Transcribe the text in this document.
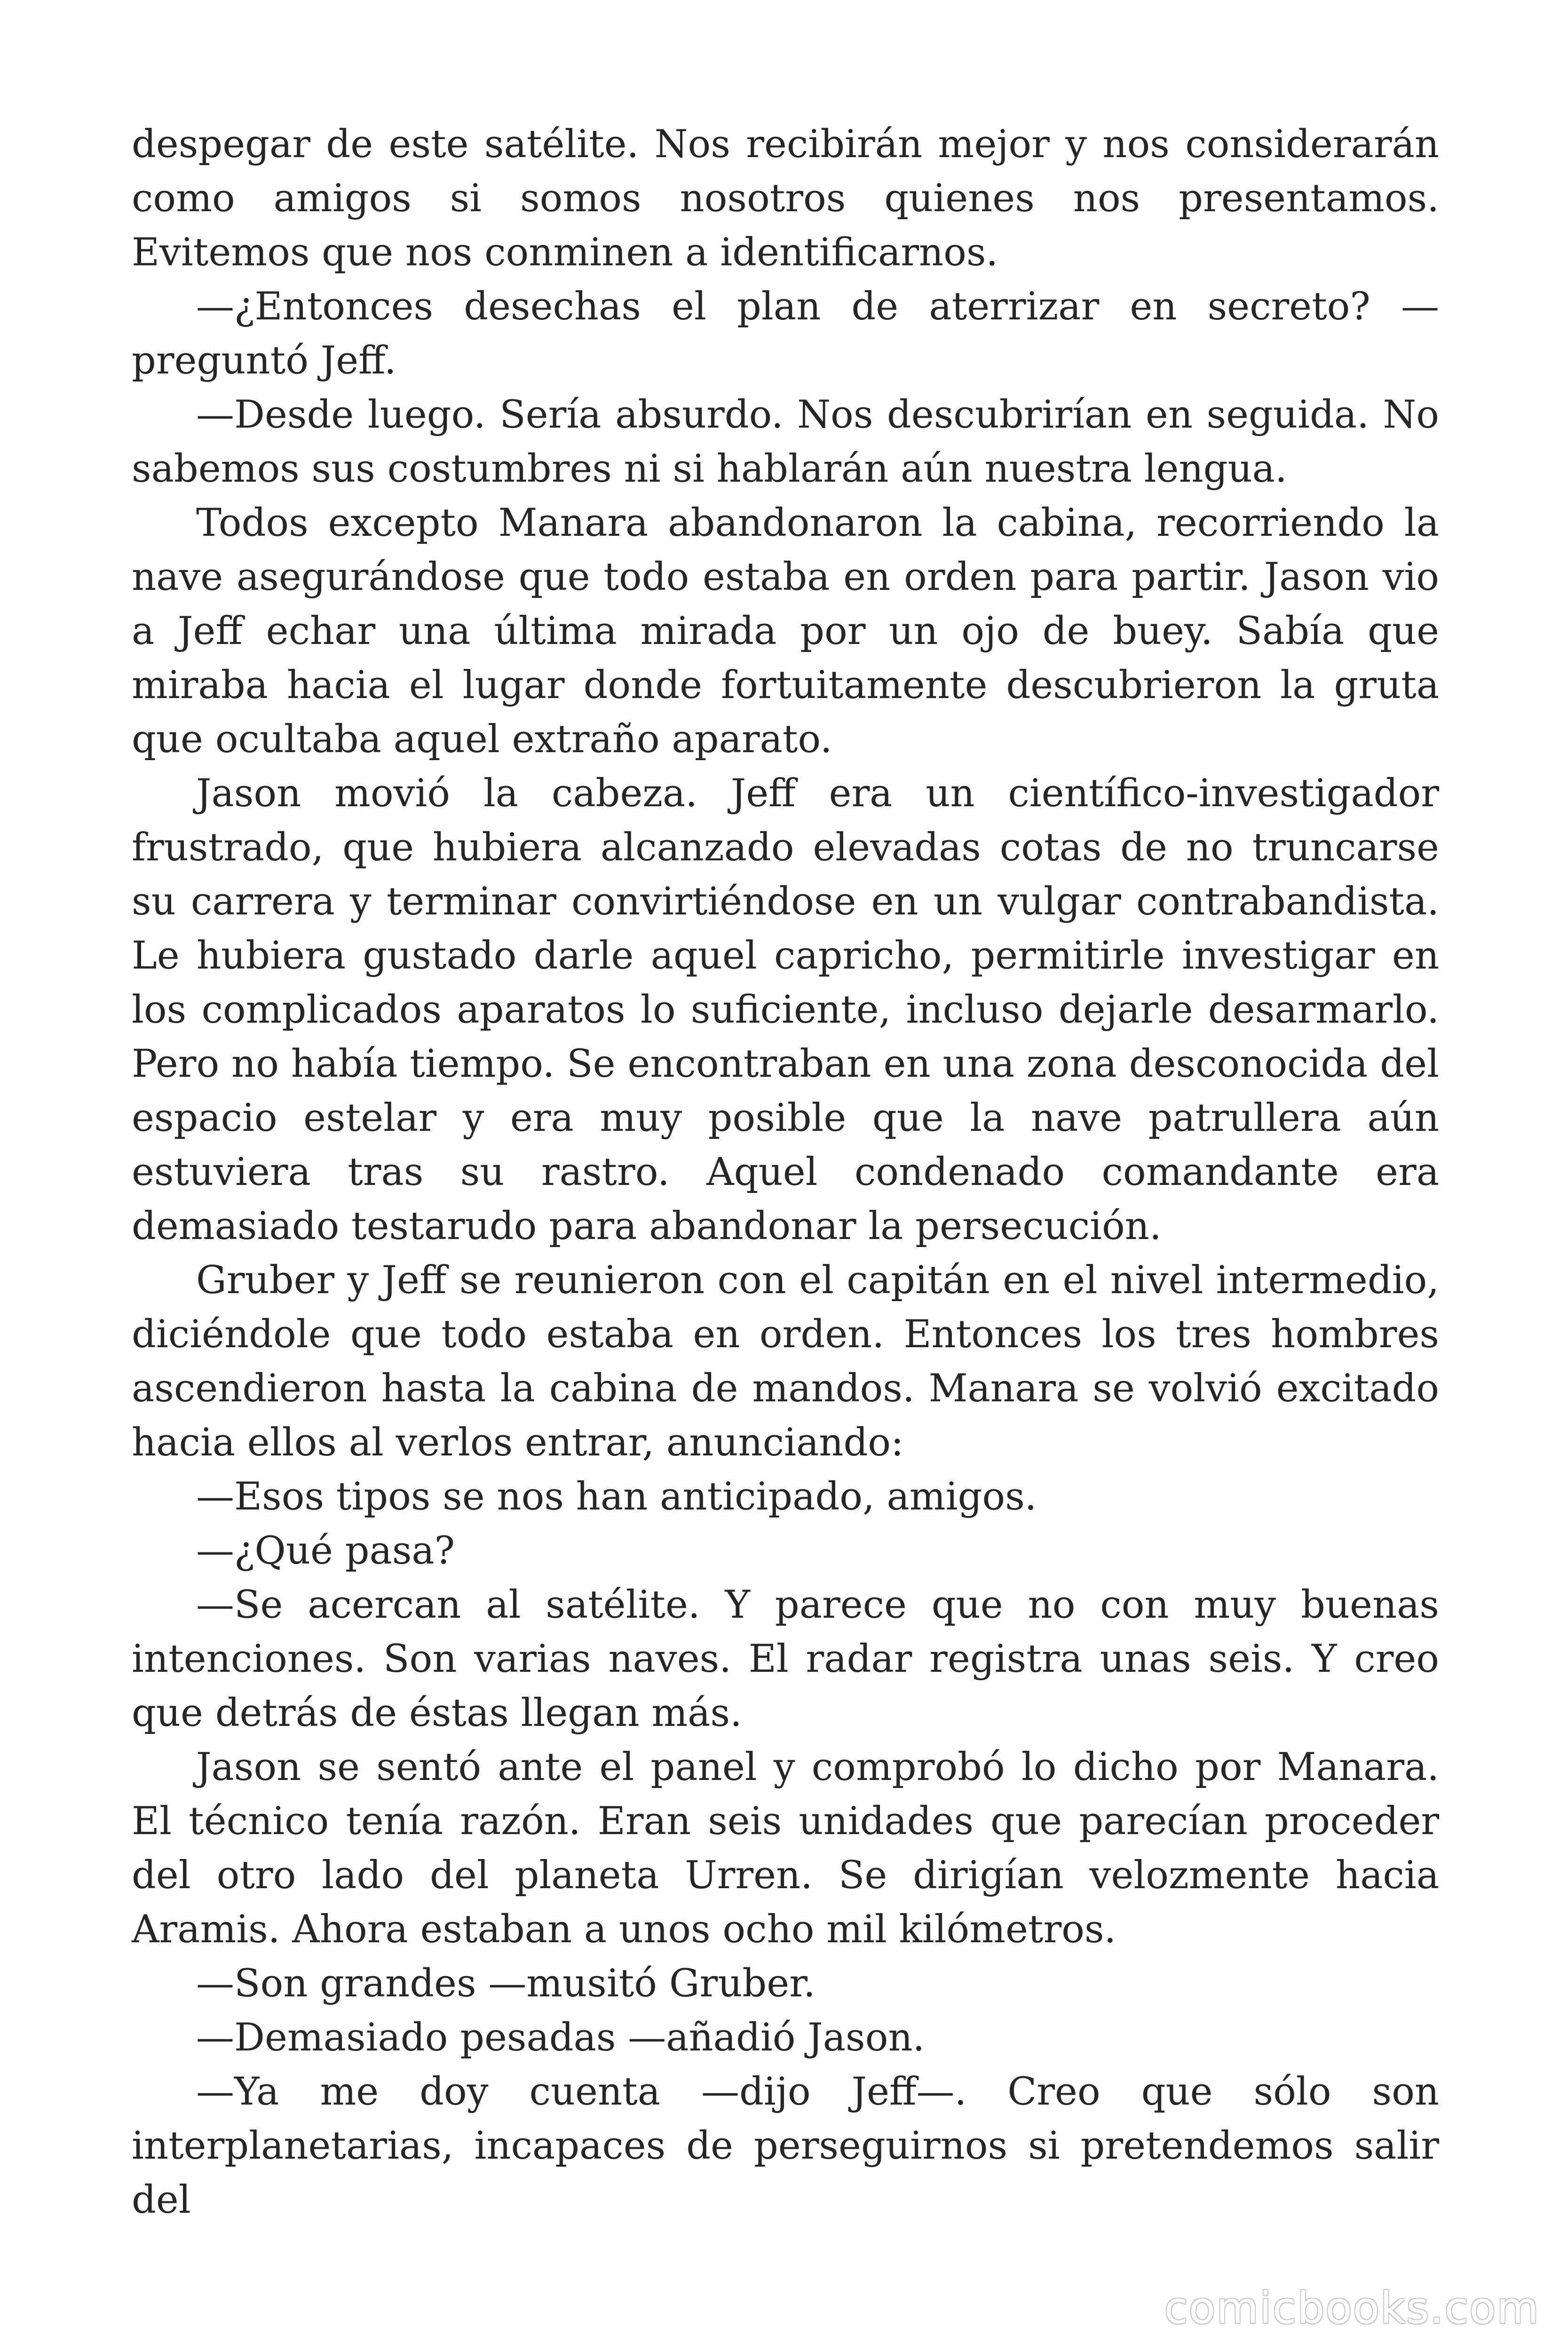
despegar de este satélite. Nos recibirán mejor y nos considerarán como amigos si somos nosotros quienes nos presentamos. Evitemos que nos conminen a identificarnos.

—¿Entonces desechas el plan de aterrizar en secreto? —preguntó Jeff.

—Desde luego. Sería absurdo. Nos descubrirían en seguida. No sabemos sus costumbres ni si hablarán aún nuestra lengua.

Todos excepto Manara abandonaron la cabina, recorriendo la nave asegurándose que todo estaba en orden para partir. Jason vio a Jeff echar una última mirada por un ojo de buey. Sabía que miraba hacia el lugar donde fortuitamente descubrieron la gruta que ocultaba aquel extraño aparato.

Jason movió la cabeza. Jeff era un científico-investigador frustrado, que hubiera alcanzado elevadas cotas de no truncarse su carrera y terminar convirtiéndose en un vulgar contrabandista. Le hubiera gustado darle aquel capricho, permitirle investigar en los complicados aparatos lo suficiente, incluso dejarle desarmarlo. Pero no había tiempo. Se encontraban en una zona desconocida del espacio estelar y era muy posible que la nave patrullera aún estuviera tras su rastro. Aquel condenado comandante era demasiado testarudo para abandonar la persecución.

Gruber y Jeff se reunieron con el capitán en el nivel intermedio, diciéndole que todo estaba en orden. Entonces los tres hombres ascendieron hasta la cabina de mandos. Manara se volvió excitado hacia ellos al verlos entrar, anunciando:

—Esos tipos se nos han anticipado, amigos.

—¿Qué pasa?

—Se acercan al satélite. Y parece que no con muy buenas intenciones. Son varias naves. El radar registra unas seis. Y creo que detrás de éstas llegan más.

Jason se sentó ante el panel y comprobó lo dicho por Manara. El técnico tenía razón. Eran seis unidades que parecían proceder del otro lado del planeta Urren. Se dirigían velozmente hacia Aramis. Ahora estaban a unos ocho mil kilómetros.

—Son grandes —musitó Gruber.

—Demasiado pesadas —añadió Jason.

—Ya me doy cuenta —dijo Jeff—. Creo que sólo son interplanetarias, incapaces de perseguirnos si pretendemos salir del

comicbooks.com
